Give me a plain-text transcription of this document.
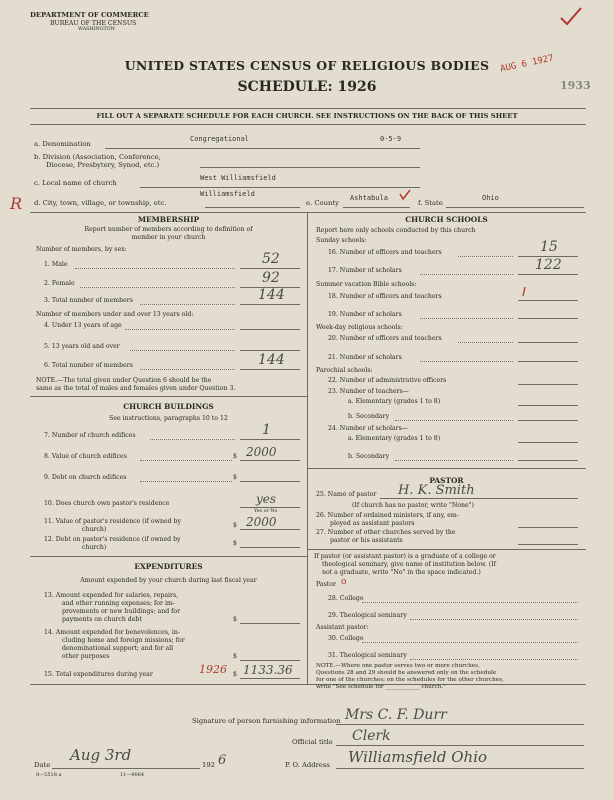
DEPARTMENT OF COMMERCE
BUREAU OF THE CENSUS
WASHINGTON
UNITED STATES CENSUS OF RELIGIOUS BODIES
SCHEDULE: 1926
AUG 6 1927
1933
R
FILL OUT A SEPARATE SCHEDULE FOR EACH CHURCH. SEE INSTRUCTIONS ON THE BACK OF THIS SHEET
a. Denomination
Congregational	0-5-9
b. Division (Association, Conference,
Diocese, Presbytery, Synod, etc.)
c. Local name of church
West Williamsfield
d. City, town, village, or township, etc.
Williamsfield
e. County
Ashtabula
f. State
Ohio
MEMBERSHIP
Report number of members according to definition of
member in your church
Number of members, by sex:
1. Male	52
2. Female	92
3. Total number of members	144
Number of members under and over 13 years old:
4. Under 13 years of age
5. 13 years old and over
6. Total number of members	144
NOTE.—The total given under Question 6 should be the
same as the total of males and females given under Question 3.
CHURCH BUILDINGS
See instructions, paragraphs 10 to 12
7. Number of church edifices	1
8. Value of church edifices	$ 2000
9. Debt on church edifices	$
10. Does church own pastor's residence	yes
Yes or No
11. Value of pastor's residence (if owned by
church)
$ 2000
12. Debt on pastor's residence (if owned by
church)
$
EXPENDITURES
Amount expended by your church during last fiscal year
13. Amount expended for salaries, repairs,
and other running expenses; for im-
provements or new buildings; and for
payments on church debt	$
14. Amount expended for benevolences, in-
cluding home and foreign missions; for
denominational support; and for all
other purposes	$
15. Total expenditures during year	1926 $ 1133.36
CHURCH SCHOOLS
Report here only schools conducted by this church
Sunday schools:
16. Number of officers and teachers	15
17. Number of scholars	122
Summer vacation Bible schools:
18. Number of officers and teachers
19. Number of scholars
Week-day religious schools:
20. Number of officers and teachers
21. Number of scholars
Parochial schools:
22. Number of administrative officers
23. Number of teachers—
a. Elementary (grades 1 to 8)
b. Secondary
24. Number of scholars—
a. Elementary (grades 1 to 8)
b. Secondary
PASTOR
25. Name of pastor H. K. Smith
(If church has no pastor, write "None")
26. Number of ordained ministers, if any, em-
ployed as assistant pastors
27. Number of other churches served by the
pastor or his assistants
If pastor (or assistant pastor) is a graduate of a college or
theological seminary, give name of institution below. (If
not a graduate, write "No" in the space indicated.)
Pastor o
28. College
29. Theological seminary
Assistant pastor:
30. College
31. Theological seminary
NOTE.—Where one pastor serves two or more churches,
Questions 28 and 29 should be answered only on the schedule
for one of the churches; on the schedules for the other churches,
write "See schedule for ____________ church."
Signature of person furnishing information Mrs C. F. Durr
Official title Clerk
Date
Aug 3rd
192 6	P. O. Address Williamsfield Ohio
8—5518 a	11—9064
